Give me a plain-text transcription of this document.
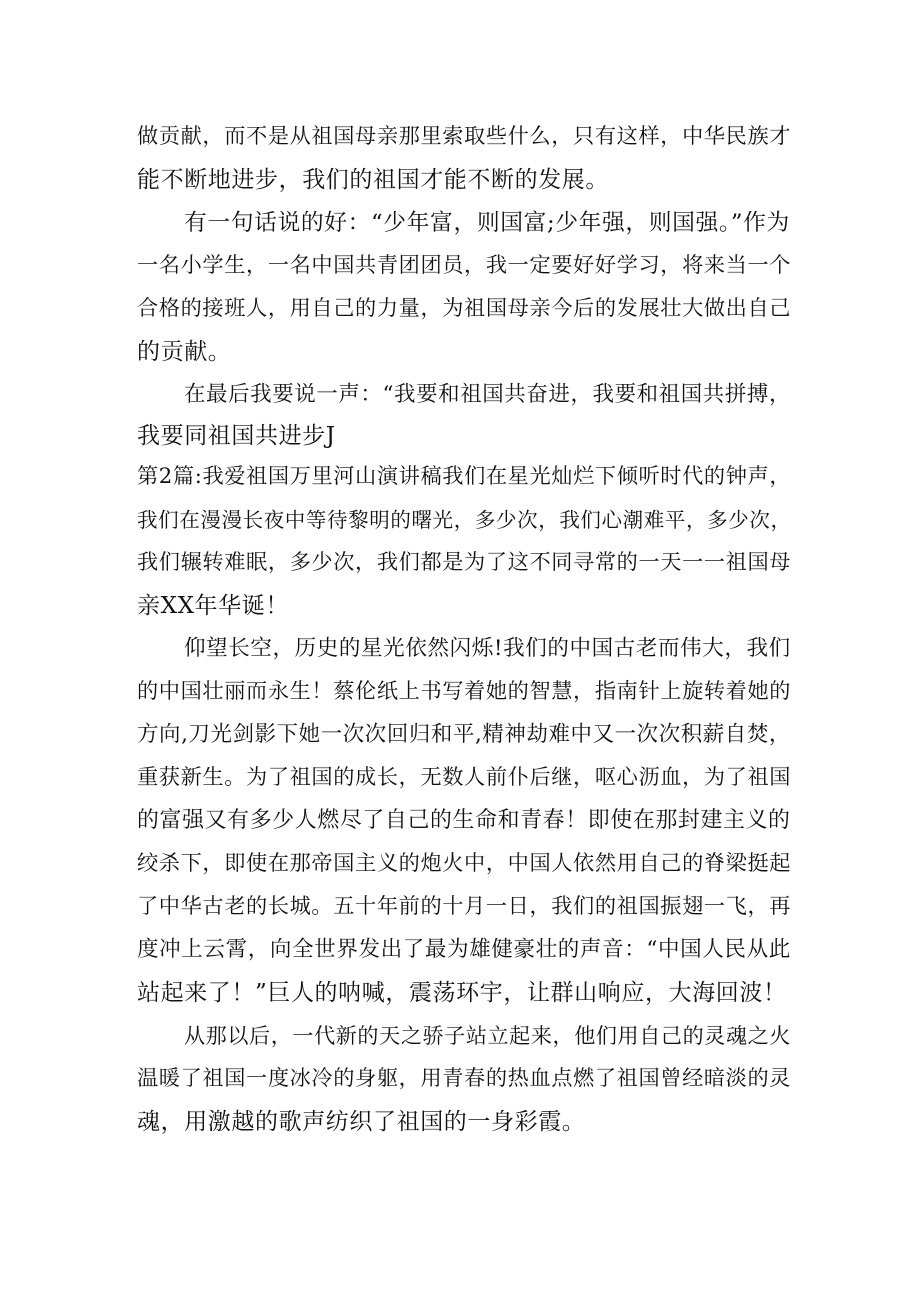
做贡献，而不是从祖国母亲那里索取些什么，只有这样，中华民族才

能不断地进步，我们的祖国才能不断的发展。

有一句话说的好：“少年富，则国富;少年强，则国强。”作为

一名小学生，一名中国共青团团员，我一定要好好学习，将来当一个

合格的接班人，用自己的力量，为祖国母亲今后的发展壮大做出自己

的贡献。

在最后我要说一声：“我要和祖国共奋进，我要和祖国共拼搏，

我要同祖国共进步J

第2篇:我爱祖国万里河山演讲稿我们在星光灿烂下倾听时代的钟声，

我们在漫漫长夜中等待黎明的曙光，多少次，我们心潮难平，多少次，

我们辗转难眠，多少次，我们都是为了这不同寻常的一天一一祖国母

亲XX年华诞！

仰望长空，历史的星光依然闪烁!我们的中国古老而伟大，我们

的中国壮丽而永生！蔡伦纸上书写着她的智慧，指南针上旋转着她的

方向,刀光剑影下她一次次回归和平,精神劫难中又一次次积薪自焚，

重获新生。为了祖国的成长，无数人前仆后继，呕心沥血，为了祖国

的富强又有多少人燃尽了自己的生命和青春！即使在那封建主义的

绞杀下，即使在那帝国主义的炮火中，中国人依然用自己的脊梁挺起

了中华古老的长城。五十年前的十月一日，我们的祖国振翅一飞，再

度冲上云霄，向全世界发出了最为雄健豪壮的声音：“中国人民从此

站起来了！”巨人的呐喊，震荡环宇，让群山响应，大海回波！

从那以后，一代新的天之骄子站立起来，他们用自己的灵魂之火

温暖了祖国一度冰冷的身躯，用青春的热血点燃了祖国曾经暗淡的灵

魂，用激越的歌声纺织了祖国的一身彩霞。
